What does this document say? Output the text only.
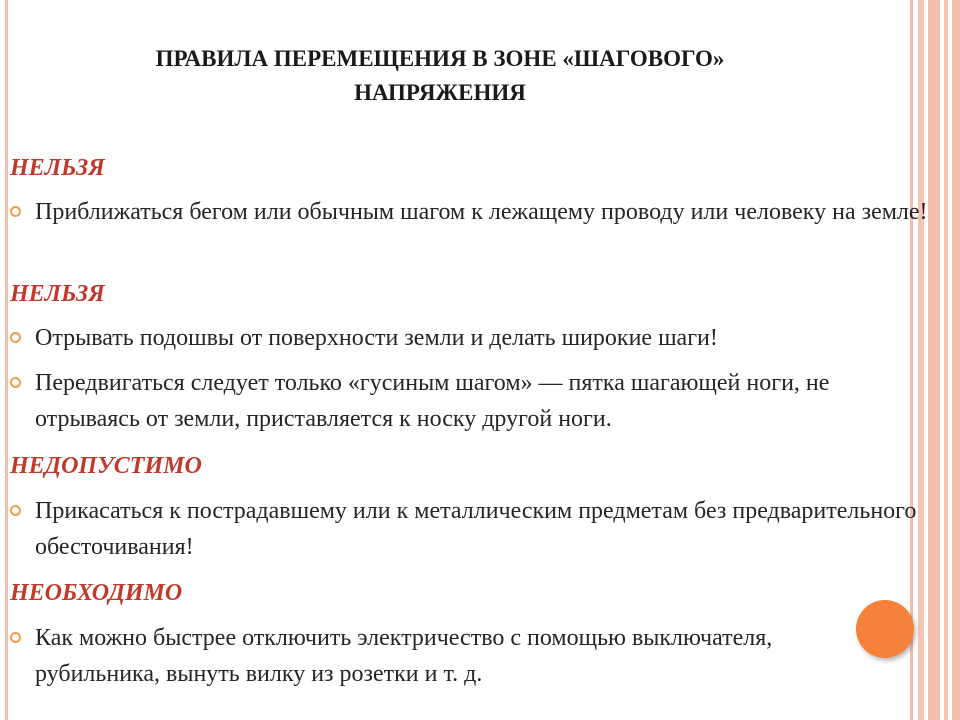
ПРАВИЛА ПЕРЕМЕЩЕНИЯ В ЗОНЕ «ШАГОВОГО»
НАПРЯЖЕНИЯ
НЕЛЬЗЯ
Приближаться бегом или обычным шагом к лежащему проводу или человеку на земле!
НЕЛЬЗЯ
Отрывать подошвы от поверхности земли и делать широкие шаги!
Передвигаться следует только «гусиным шагом» — пятка шагающей ноги, не отрываясь от земли, приставляется к носку другой ноги.
НЕДОПУСТИМО
Прикасаться к пострадавшему или к металлическим предметам без предварительного обесточивания!
НЕОБХОДИМО
Как можно быстрее отключить электричество с помощью выключателя, рубильника, вынуть вилку из розетки и т. д.
